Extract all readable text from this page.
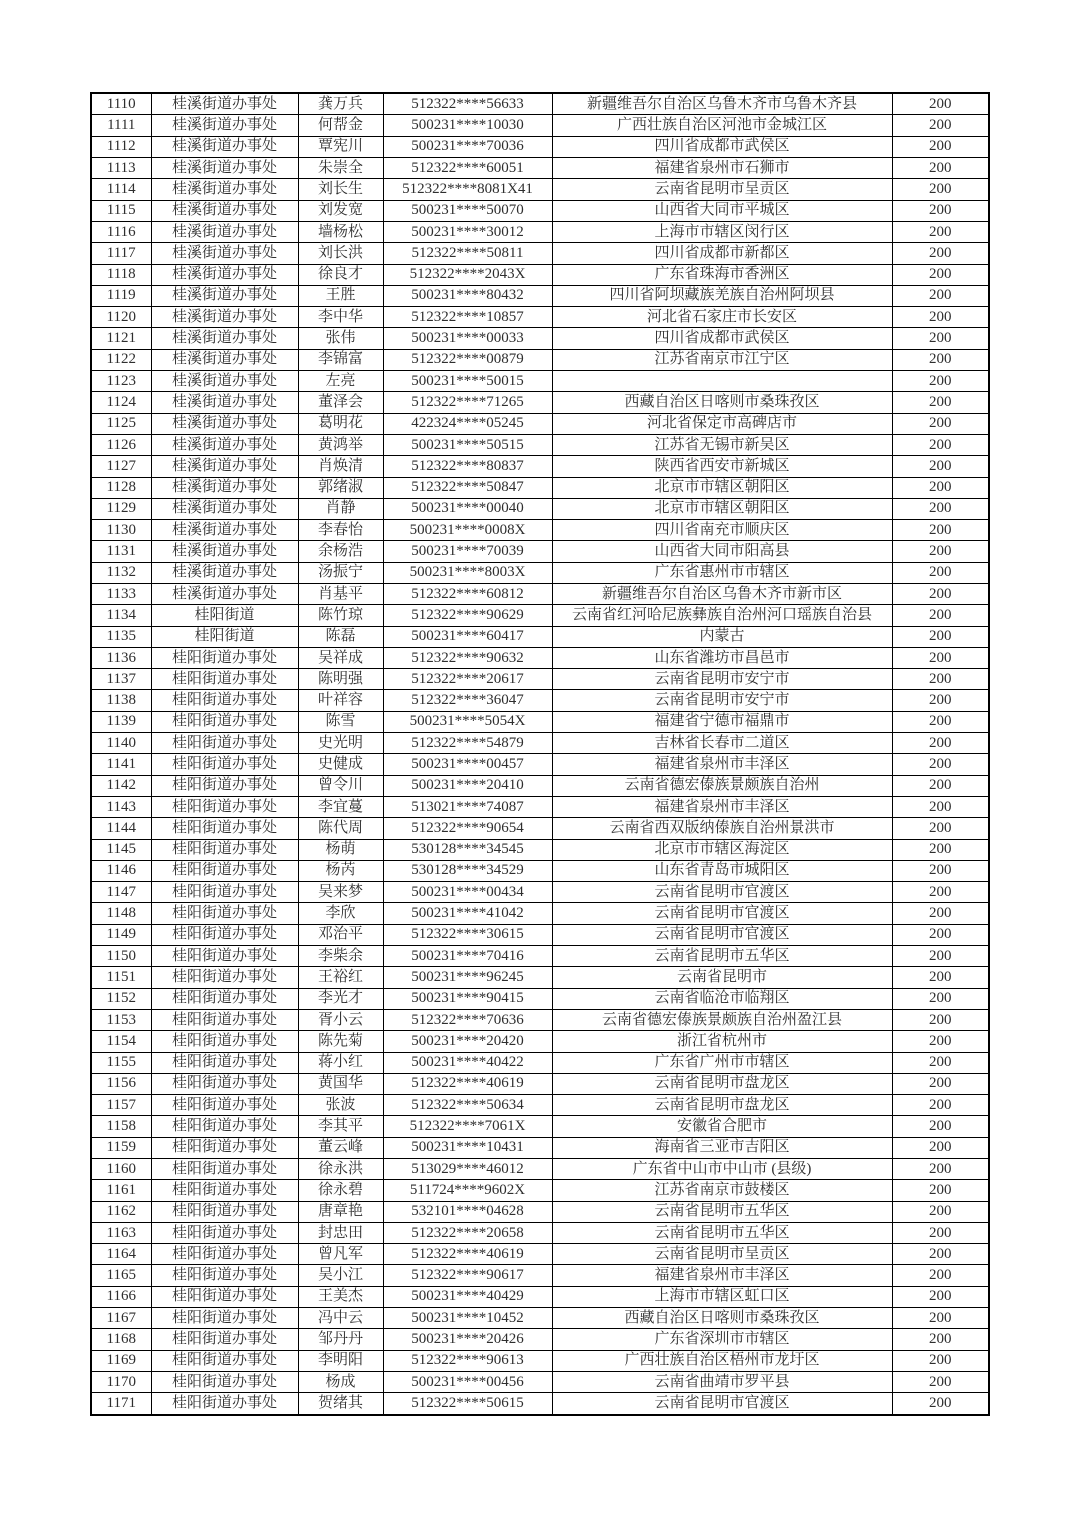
1110	桂溪街道办事处	龚万兵	512322****56633	新疆维吾尔自治区乌鲁木齐市乌鲁木齐县	200

1111	桂溪街道办事处	何帮金	500231****10030	广西壮族自治区河池市金城江区	200

1112	桂溪街道办事处	覃宪川	500231****70036	四川省成都市武侯区	200

1113	桂溪街道办事处	朱崇全	512322****60051	福建省泉州市石狮市	200

1114	桂溪街道办事处	刘长生	512322****8081X41	云南省昆明市呈贡区	200

1115	桂溪街道办事处	刘发宽	500231****50070	山西省大同市平城区	200

1116	桂溪街道办事处	墙杨松	500231****30012	上海市市辖区闵行区	200

1117	桂溪街道办事处	刘长洪	512322****50811	四川省成都市新都区	200

1118	桂溪街道办事处	徐良才	512322****2043X	广东省珠海市香洲区	200

1119	桂溪街道办事处	王胜	500231****80432	四川省阿坝藏族羌族自治州阿坝县	200

1120	桂溪街道办事处	李中华	512322****10857	河北省石家庄市长安区	200

1121	桂溪街道办事处	张伟	500231****00033	四川省成都市武侯区	200

1122	桂溪街道办事处	李锦富	512322****00879	江苏省南京市江宁区	200

1123	桂溪街道办事处	左亮	500231****50015		200

1124	桂溪街道办事处	董泽会	512322****71265	西藏自治区日喀则市桑珠孜区	200

1125	桂溪街道办事处	葛明花	422324****05245	河北省保定市高碑店市	200

1126	桂溪街道办事处	黄鸿举	500231****50515	江苏省无锡市新吴区	200

1127	桂溪街道办事处	肖焕清	512322****80837	陕西省西安市新城区	200

1128	桂溪街道办事处	郭绪淑	512322****50847	北京市市辖区朝阳区	200

1129	桂溪街道办事处	肖静	500231****00040	北京市市辖区朝阳区	200

1130	桂溪街道办事处	李春怡	500231****0008X	四川省南充市顺庆区	200

1131	桂溪街道办事处	余杨浩	500231****70039	山西省大同市阳高县	200

1132	桂溪街道办事处	汤振宁	500231****8003X	广东省惠州市市辖区	200

1133	桂溪街道办事处	肖基平	512322****60812	新疆维吾尔自治区乌鲁木齐市新市区	200

1134	桂阳街道	陈竹琼	512322****90629	云南省红河哈尼族彝族自治州河口瑶族自治县	200

1135	桂阳街道	陈磊	500231****60417	内蒙古	200

1136	桂阳街道办事处	吴祥成	512322****90632	山东省潍坊市昌邑市	200

1137	桂阳街道办事处	陈明强	512322****20617	云南省昆明市安宁市	200

1138	桂阳街道办事处	叶祥容	512322****36047	云南省昆明市安宁市	200

1139	桂阳街道办事处	陈雪	500231****5054X	福建省宁德市福鼎市	200

1140	桂阳街道办事处	史光明	512322****54879	吉林省长春市二道区	200

1141	桂阳街道办事处	史健成	500231****00457	福建省泉州市丰泽区	200

1142	桂阳街道办事处	曾令川	500231****20410	云南省德宏傣族景颇族自治州	200

1143	桂阳街道办事处	李宜蔓	513021****74087	福建省泉州市丰泽区	200

1144	桂阳街道办事处	陈代周	512322****90654	云南省西双版纳傣族自治州景洪市	200

1145	桂阳街道办事处	杨萌	530128****34545	北京市市辖区海淀区	200

1146	桂阳街道办事处	杨芮	530128****34529	山东省青岛市城阳区	200

1147	桂阳街道办事处	吴来梦	500231****00434	云南省昆明市官渡区	200

1148	桂阳街道办事处	李欣	500231****41042	云南省昆明市官渡区	200

1149	桂阳街道办事处	邓治平	512322****30615	云南省昆明市官渡区	200

1150	桂阳街道办事处	李柴余	500231****70416	云南省昆明市五华区	200

1151	桂阳街道办事处	王裕红	500231****96245	云南省昆明市	200

1152	桂阳街道办事处	李光才	500231****90415	云南省临沧市临翔区	200

1153	桂阳街道办事处	胥小云	512322****70636	云南省德宏傣族景颇族自治州盈江县	200

1154	桂阳街道办事处	陈先菊	500231****20420	浙江省杭州市	200

1155	桂阳街道办事处	蒋小红	500231****40422	广东省广州市市辖区	200

1156	桂阳街道办事处	黄国华	512322****40619	云南省昆明市盘龙区	200

1157	桂阳街道办事处	张波	512322****50634	云南省昆明市盘龙区	200

1158	桂阳街道办事处	李其平	512322****7061X	安徽省合肥市	200

1159	桂阳街道办事处	董云峰	500231****10431	海南省三亚市吉阳区	200

1160	桂阳街道办事处	徐永洪	513029****46012	广东省中山市中山市 (县级)	200

1161	桂阳街道办事处	徐永碧	511724****9602X	江苏省南京市鼓楼区	200

1162	桂阳街道办事处	唐章艳	532101****04628	云南省昆明市五华区	200

1163	桂阳街道办事处	封忠田	512322****20658	云南省昆明市五华区	200

1164	桂阳街道办事处	曾凡军	512322****40619	云南省昆明市呈贡区	200

1165	桂阳街道办事处	吴小江	512322****90617	福建省泉州市丰泽区	200

1166	桂阳街道办事处	王美杰	500231****40429	上海市市辖区虹口区	200

1167	桂阳街道办事处	冯中云	500231****10452	西藏自治区日喀则市桑珠孜区	200

1168	桂阳街道办事处	邹丹丹	500231****20426	广东省深圳市市辖区	200

1169	桂阳街道办事处	李明阳	512322****90613	广西壮族自治区梧州市龙圩区	200

1170	桂阳街道办事处	杨成	500231****00456	云南省曲靖市罗平县	200

1171	桂阳街道办事处	贺绪其	512322****50615	云南省昆明市官渡区	200
